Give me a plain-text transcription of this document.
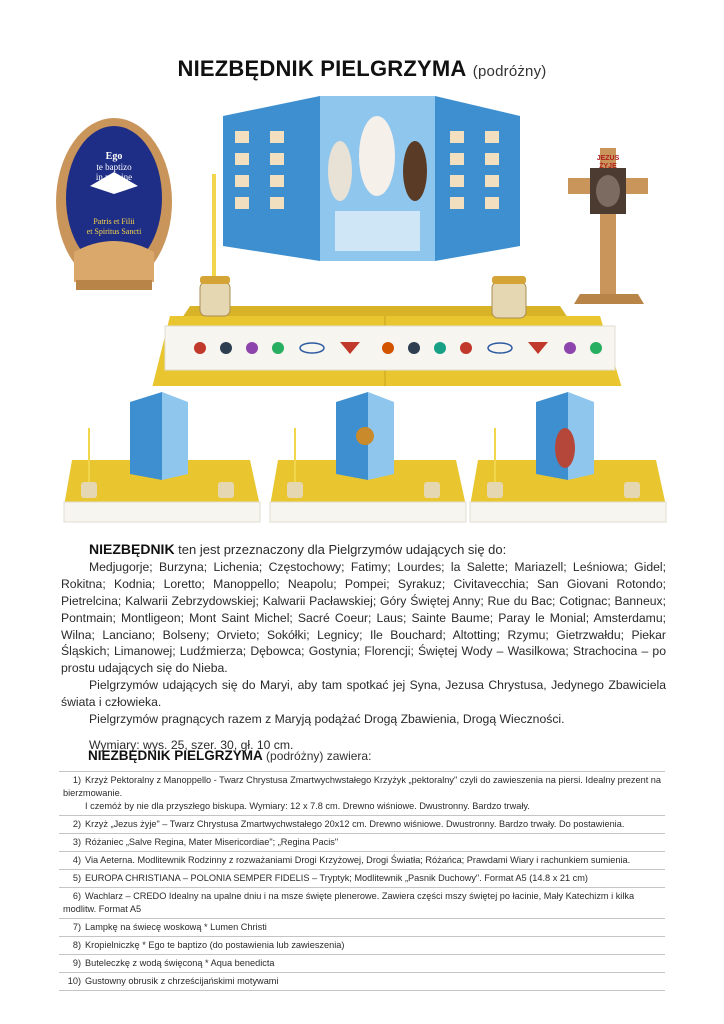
NIEZBĘDNIK PIELGRZYMA (podróżny)
Ego
te baptizo
in nomine
Patris et Filii
et Spiritus Sancti
JEZUS
ŻYJE

NIEZBĘDNIK ten jest przeznaczony dla Pielgrzymów udających się do:

Medjugorje; Burzyna; Lichenia; Częstochowy; Fatimy; Lourdes; la Salette; Mariazell; Leśniowa; Gidel; Rokitna; Kodnia; Loretto; Manoppello; Neapolu; Pompei; Syrakuz; Civitavecchia; San Giovani Rotondo; Pietrelcina; Kalwarii Zebrzydowskiej; Kalwarii Pacławskiej; Góry Świętej Anny; Rue du Bac; Cotignac; Banneux; Pontmain; Montligeon; Mont Saint Michel; Sacré Coeur; Laus; Sainte Baume; Paray le Monial; Amsterdamu; Wilna; Lanciano; Bolseny; Orvieto; Sokółki; Legnicy; Ile Bouchard; Altotting; Rzymu; Gietrzwałdu; Piekar Śląskich; Limanowej; Ludźmierza; Dębowca; Gostynia; Florencji; Świętej Wody – Wasilkowa; Strachocina – po prostu udających się do Nieba.

Pielgrzymów udających się do Maryi, aby tam spotkać jej Syna, Jezusa Chrystusa, Jedynego Zbawiciela świata i człowieka.

Pielgrzymów pragnących razem z Maryją podążać Drogą Zbawienia, Drogą Wieczności.

Wymiary: wys. 25, szer. 30, gł. 10 cm.

NIEZBĘDNIK PIELGRZYMA (podróżny) zawiera:
1) Krzyż Pektoralny z Manoppello - Twarz Chrystusa Zmartwychwstałego Krzyżyk „pektoralny" czyli do zawieszenia na piersi. Idealny prezent na bierzmowanie.
I czemóż by nie dla przyszłego biskupa. Wymiary: 12 x 7.8 cm. Drewno wiśniowe. Dwustronny. Bardzo trwały.
2) Krzyż „Jezus żyje" – Twarz Chrystusa Zmartwychwstałego 20x12 cm. Drewno wiśniowe. Dwustronny. Bardzo trwały. Do postawienia.
3) Różaniec „Salve Regina, Mater Misericordiae"; „Regina Pacis"
4) Via Aeterna. Modlitewnik Rodzinny z rozważaniami Drogi Krzyżowej, Drogi Światła; Różańca; Prawdami Wiary i rachunkiem sumienia.
5) EUROPA CHRISTIANA – POLONIA SEMPER FIDELIS – Tryptyk; Modlitewnik „Pasnik Duchowy". Format A5 (14.8 x 21 cm)
6) Wachlarz – CREDO Idealny na upalne dniu i na msze święte plenerowe. Zawiera części mszy świętej po łacinie, Mały Katechizm i kilka modlitw. Format A5
7) Lampkę na świecę woskową * Lumen Christi
8) Kropielniczkę * Ego te baptizo (do postawienia lub zawieszenia)
9) Buteleczkę z wodą święconą * Aqua benedicta
10) Gustowny obrusik z chrześcijańskimi motywami
